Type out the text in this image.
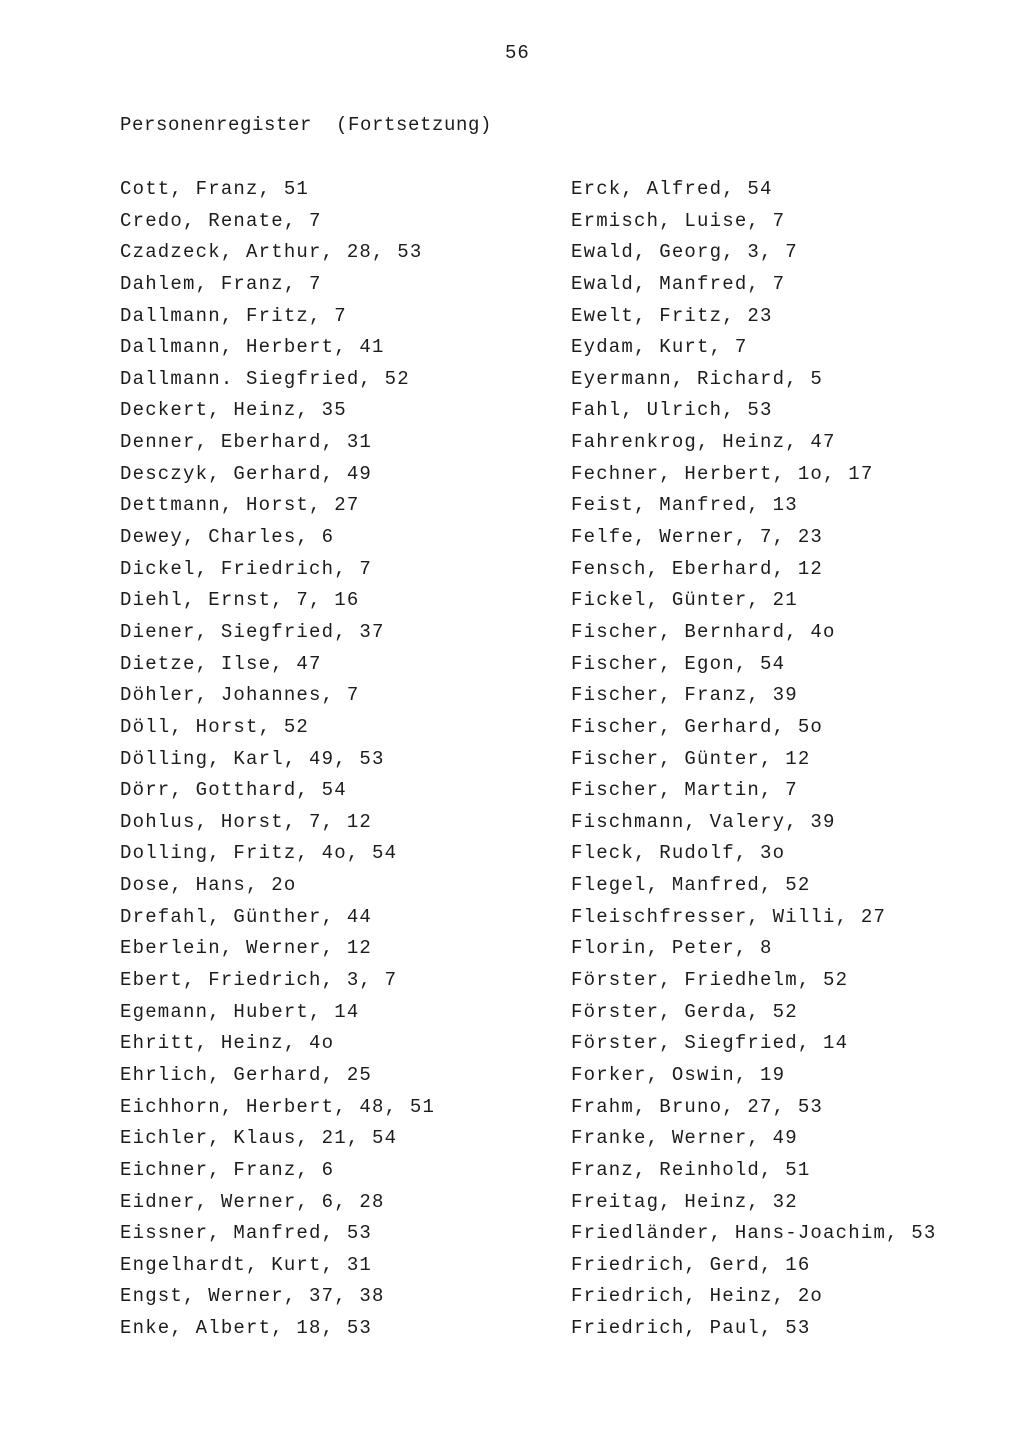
56
Personenregister  (Fortsetzung)
Cott, Franz, 51
Credo, Renate, 7
Czadzeck, Arthur, 28, 53
Dahlem, Franz, 7
Dallmann, Fritz, 7
Dallmann, Herbert, 41
Dallmann. Siegfried, 52
Deckert, Heinz, 35
Denner, Eberhard, 31
Desczyk, Gerhard, 49
Dettmann, Horst, 27
Dewey, Charles, 6
Dickel, Friedrich, 7
Diehl, Ernst, 7, 16
Diener, Siegfried, 37
Dietze, Ilse, 47
Döhler, Johannes, 7
Döll, Horst, 52
Dölling, Karl, 49, 53
Dörr, Gotthard, 54
Dohlus, Horst, 7, 12
Dolling, Fritz, 4o, 54
Dose, Hans, 2o
Drefahl, Günther, 44
Eberlein, Werner, 12
Ebert, Friedrich, 3, 7
Egemann, Hubert, 14
Ehritt, Heinz, 4o
Ehrlich, Gerhard, 25
Eichhorn, Herbert, 48, 51
Eichler, Klaus, 21, 54
Eichner, Franz, 6
Eidner, Werner, 6, 28
Eissner, Manfred, 53
Engelhardt, Kurt, 31
Engst, Werner, 37, 38
Enke, Albert, 18, 53
Erck, Alfred, 54
Ermisch, Luise, 7
Ewald, Georg, 3, 7
Ewald, Manfred, 7
Ewelt, Fritz, 23
Eydam, Kurt, 7
Eyermann, Richard, 5
Fahl, Ulrich, 53
Fahrenkrog, Heinz, 47
Fechner, Herbert, 1o, 17
Feist, Manfred, 13
Felfe, Werner, 7, 23
Fensch, Eberhard, 12
Fickel, Günter, 21
Fischer, Bernhard, 4o
Fischer, Egon, 54
Fischer, Franz, 39
Fischer, Gerhard, 5o
Fischer, Günter, 12
Fischer, Martin, 7
Fischmann, Valery, 39
Fleck, Rudolf, 3o
Flegel, Manfred, 52
Fleischfresser, Willi, 27
Florin, Peter, 8
Förster, Friedhelm, 52
Förster, Gerda, 52
Förster, Siegfried, 14
Forker, Oswin, 19
Frahm, Bruno, 27, 53
Franke, Werner, 49
Franz, Reinhold, 51
Freitag, Heinz, 32
Friedländer, Hans-Joachim, 53
Friedrich, Gerd, 16
Friedrich, Heinz, 2o
Friedrich, Paul, 53
